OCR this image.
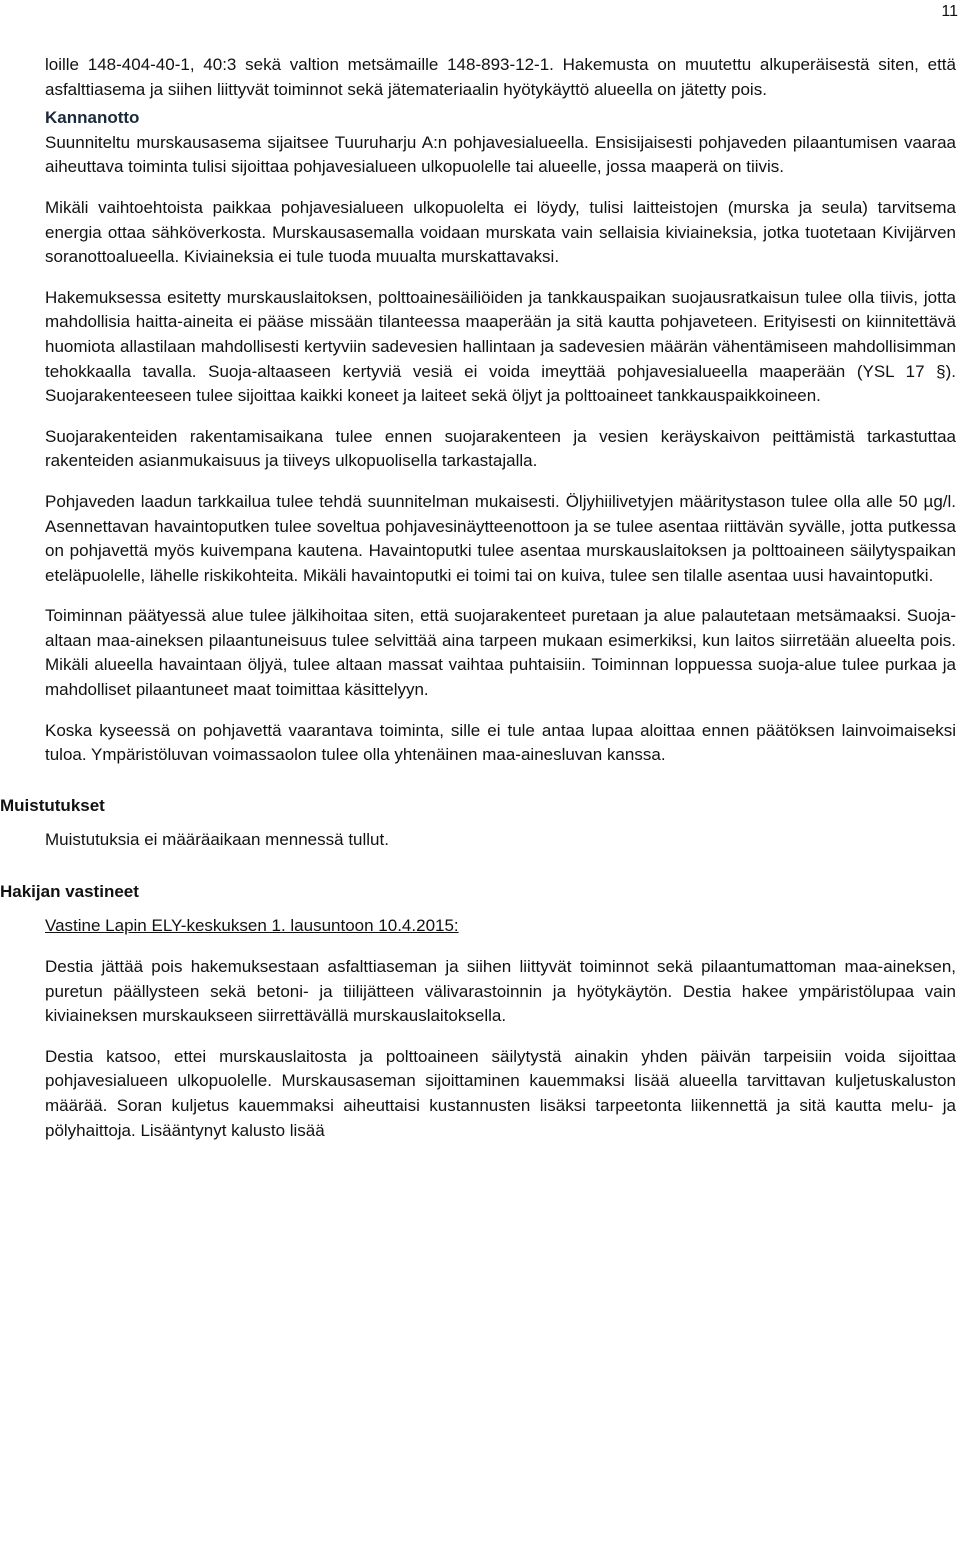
11

loille 148-404-40-1, 40:3 sekä valtion metsämaille 148-893-12-1. Hakemusta on muutettu alkuperäisestä siten, että asfalttiasema ja siihen liittyvät toiminnot sekä jätemateriaalin hyötykäyttö alueella on jätetty pois.

Kannanotto

Suunniteltu murskausasema sijaitsee Tuuruharju A:n pohjavesialueella. Ensisijaisesti pohjaveden pilaantumisen vaaraa aiheuttava toiminta tulisi sijoittaa pohjavesialueen ulkopuolelle tai alueelle, jossa maaperä on tiivis.

Mikäli vaihtoehtoista paikkaa pohjavesialueen ulkopuolelta ei löydy, tulisi laitteistojen (murska ja seula) tarvitsema energia ottaa sähköverkosta. Murskausasemalla voidaan murskata vain sellaisia kiviaineksia, jotka tuotetaan Kivijärven soranottoalueella. Kiviaineksia ei tule tuoda muualta murskattavaksi.

Hakemuksessa esitetty murskauslaitoksen, polttoainesäiliöiden ja tankkauspaikan suojausratkaisun tulee olla tiivis, jotta mahdollisia haitta-aineita ei pääse missään tilanteessa maaperään ja sitä kautta pohjaveteen. Erityisesti on kiinnitettävä huomiota allastilaan mahdollisesti kertyviin sadevesien hallintaan ja sadevesien määrän vähentämiseen mahdollisimman tehokkaalla tavalla. Suoja-altaaseen kertyviä vesiä ei voida imeyttää pohjavesialueella maaperään (YSL 17 §). Suojarakenteeseen tulee sijoittaa kaikki koneet ja laiteet sekä öljyt ja polttoaineet tankkauspaikkoineen.

Suojarakenteiden rakentamisaikana tulee ennen suojarakenteen ja vesien keräyskaivon peittämistä tarkastuttaa rakenteiden asianmukaisuus ja tiiveys ulkopuolisella tarkastajalla.

Pohjaveden laadun tarkkailua tulee tehdä suunnitelman mukaisesti. Öljyhiilivetyjen määritystason tulee olla alle 50 µg/l. Asennettavan havaintoputken tulee soveltua pohjavesinäytteenottoon ja se tulee asentaa riittävän syvälle, jotta putkessa on pohjavettä myös kuivempana kautena. Havaintoputki tulee asentaa murskauslaitoksen ja polttoaineen säilytyspaikan eteläpuolelle, lähelle riskikohteita. Mikäli havaintoputki ei toimi tai on kuiva, tulee sen tilalle asentaa uusi havaintoputki.

Toiminnan päätyessä alue tulee jälkihoitaa siten, että suojarakenteet puretaan ja alue palautetaan metsämaaksi. Suoja-altaan maa-aineksen pilaantuneisuus tulee selvittää aina tarpeen mukaan esimerkiksi, kun laitos siirretään alueelta pois. Mikäli alueella havaintaan öljyä, tulee altaan massat vaihtaa puhtaisiin. Toiminnan loppuessa suoja-alue tulee purkaa ja mahdolliset pilaantuneet maat toimittaa käsittelyyn.

Koska kyseessä on pohjavettä vaarantava toiminta, sille ei tule antaa lupaa aloittaa ennen päätöksen lainvoimaiseksi tuloa. Ympäristöluvan voimassaolon tulee olla yhtenäinen maa-ainesluvan kanssa.

Muistutukset

Muistutuksia ei määräaikaan mennessä tullut.

Hakijan vastineet

Vastine Lapin ELY-keskuksen 1. lausuntoon 10.4.2015:

Destia jättää pois hakemuksestaan asfalttiaseman ja siihen liittyvät toiminnot sekä pilaantumattoman maa-aineksen, puretun päällysteen sekä betoni- ja tiilijätteen välivarastoinnin ja hyötykäytön. Destia hakee ympäristölupaa vain kiviaineksen murskaukseen siirrettävällä murskauslaitoksella.

Destia katsoo, ettei murskauslaitosta ja polttoaineen säilytystä ainakin yhden päivän tarpeisiin voida sijoittaa pohjavesialueen ulkopuolelle. Murskausaseman sijoittaminen kauemmaksi lisää alueella tarvittavan kuljetuskaluston määrää. Soran kuljetus kauemmaksi aiheuttaisi kustannusten lisäksi tarpeetonta liikennettä ja sitä kautta melu- ja pölyhaittoja. Lisääntynyt kalusto lisää
